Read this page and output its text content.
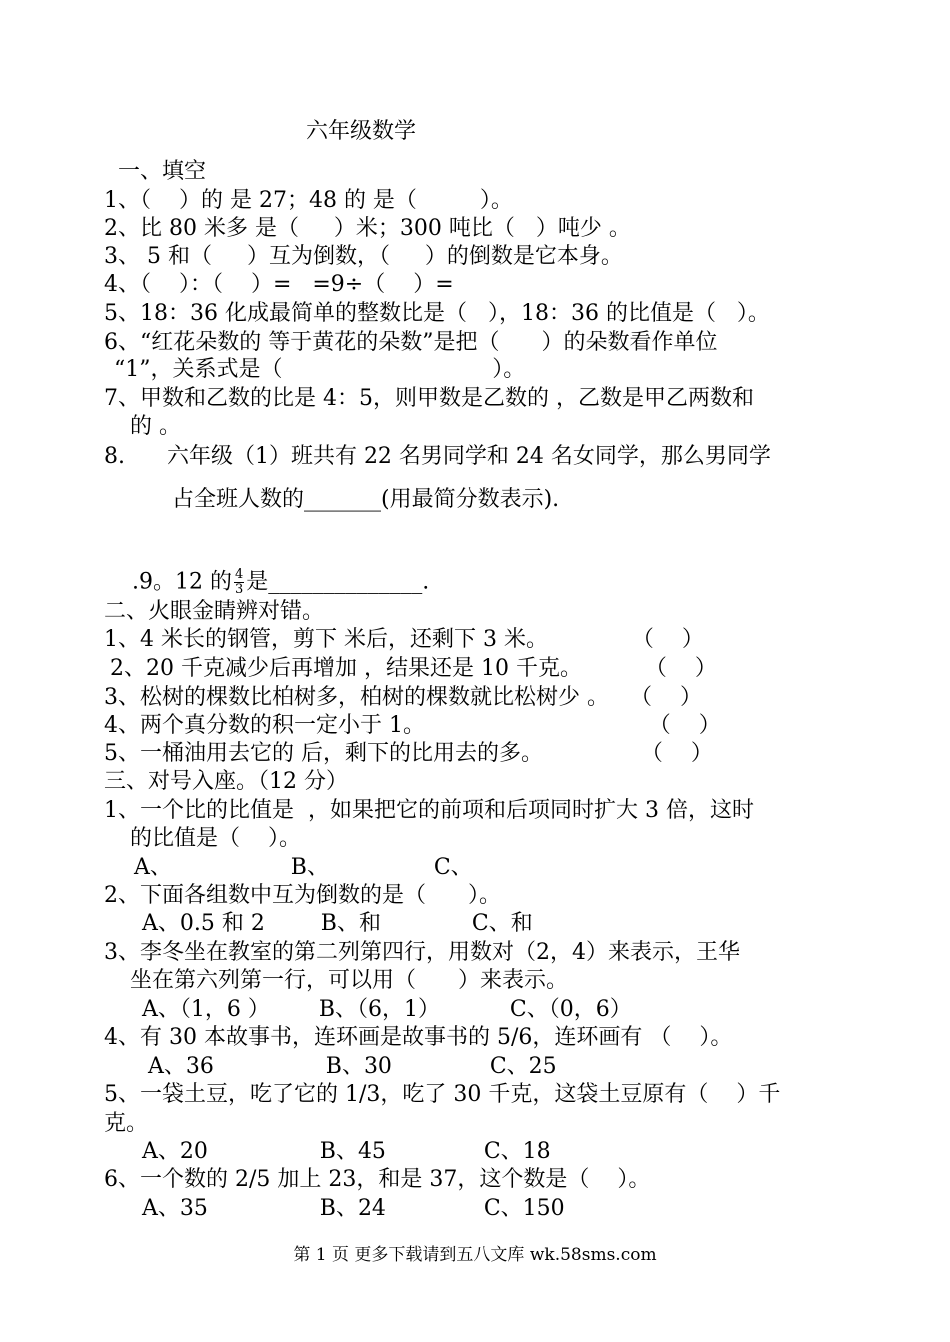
六年级数学
一、填空
1、（    ）的 是 27；48 的 是（         ）。
2、比 80 米多 是（     ）米；300 吨比（   ）吨少 。
3、 5 和（     ）互为倒数，（     ）的倒数是它本身。
4、（    ）：（    ）=   =9÷（    ）=
5、18：36 化成最简单的整数比是（   ），18：36 的比值是（   ）。
6、“红花朵数的 等于黄花的朵数”是把（      ）的朵数看作单位
“1”，关系式是（                              ）。
7、甲数和乙数的比是 4：5，则甲数是乙数的 ，乙数是甲乙两数和
的 。
8.      六年级（1）班共有 22 名男同学和 24 名女同学，那么男同学
占全班人数的_______(用最简分数表示).

.9。12 的 $\frac{4}{3}$ 是______________.

二、火眼金睛辨对错。
1、4 米长的钢管，剪下 米后，还剩下 3 米。            （    ）
2、20 千克减少后再增加 ，结果还是 10 千克。         （    ）
3、松树的棵数比柏树多，柏树的棵数就比松树少 。   （    ）
4、两个真分数的积一定小于 1。                                （    ）
5、一桶油用去它的 后，剩下的比用去的多。              （    ）
三、对号入座。（12 分）
1、一个比的比值是  ，如果把它的前项和后项同时扩大 3 倍，这时
的比值是（    ）。
A、                 B、               C、
2、下面各组数中互为倒数的是（      ）。
A、0.5 和 2        B、和             C、和
3、李冬坐在教室的第二列第四行，用数对（2，4）来表示，王华
坐在第六列第一行，可以用（      ）来表示。
A、（1，6 ）       B、（6，1）          C、（0，6）
4、有 30 本故事书，连环画是故事书的 5/6，连环画有 （    ）。
A、36                B、30              C、25
5、一袋土豆，吃了它的 1/3，吃了 30 千克，这袋土豆原有（    ）千
克。
A、20                B、45              C、18
6、一个数的 2/5 加上 23，和是 37，这个数是（    ）。
A、35                B、24              C、150
第 1 页 更多下载请到五八文库 wk.58sms.com
